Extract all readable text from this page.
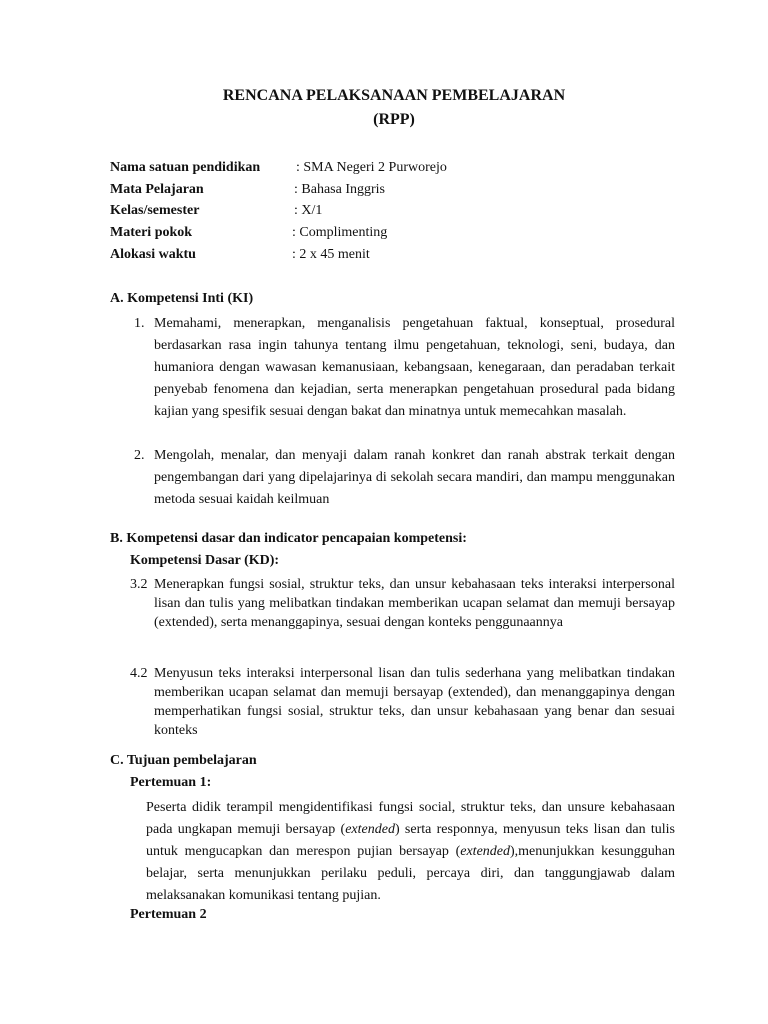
RENCANA PELAKSANAAN PEMBELAJARAN
(RPP)
Nama satuan pendidikan	: SMA Negeri 2 Purworejo
Mata Pelajaran	: Bahasa Inggris
Kelas/semester	: X/1
Materi pokok	: Complimenting
Alokasi waktu	: 2 x 45 menit
A. Kompetensi Inti (KI)
1. Memahami, menerapkan, menganalisis pengetahuan faktual, konseptual, prosedural berdasarkan rasa ingin tahunya tentang ilmu pengetahuan, teknologi, seni, budaya, dan humaniora dengan wawasan kemanusiaan, kebangsaan, kenegaraan, dan peradaban terkait penyebab fenomena dan kejadian, serta menerapkan pengetahuan prosedural pada bidang kajian yang spesifik sesuai dengan bakat dan minatnya untuk memecahkan masalah.
2. Mengolah, menalar, dan menyaji dalam ranah konkret dan ranah abstrak terkait dengan pengembangan dari yang dipelajarinya di sekolah secara mandiri, dan mampu menggunakan metoda sesuai kaidah keilmuan
B. Kompetensi dasar dan indicator pencapaian kompetensi:
Kompetensi Dasar (KD):
3.2 Menerapkan fungsi sosial, struktur teks, dan unsur kebahasaan teks interaksi interpersonal lisan dan tulis yang melibatkan tindakan memberikan ucapan selamat dan memuji bersayap (extended), serta menanggapinya, sesuai dengan konteks penggunaannya
4.2 Menyusun teks interaksi interpersonal lisan dan tulis sederhana yang melibatkan tindakan memberikan ucapan selamat dan memuji bersayap (extended), dan menanggapinya dengan memperhatikan fungsi sosial, struktur teks, dan unsur kebahasaan yang benar dan sesuai konteks
C. Tujuan pembelajaran
Pertemuan 1:
Peserta didik terampil mengidentifikasi fungsi social, struktur teks, dan unsure kebahasaan pada ungkapan memuji bersayap (extended) serta responnya, menyusun teks lisan dan tulis untuk mengucapkan dan merespon pujian bersayap (extended),menunjukkan kesungguhan belajar, serta menunjukkan perilaku peduli, percaya diri, dan tanggungjawab dalam melaksanakan komunikasi tentang pujian.
Pertemuan 2
